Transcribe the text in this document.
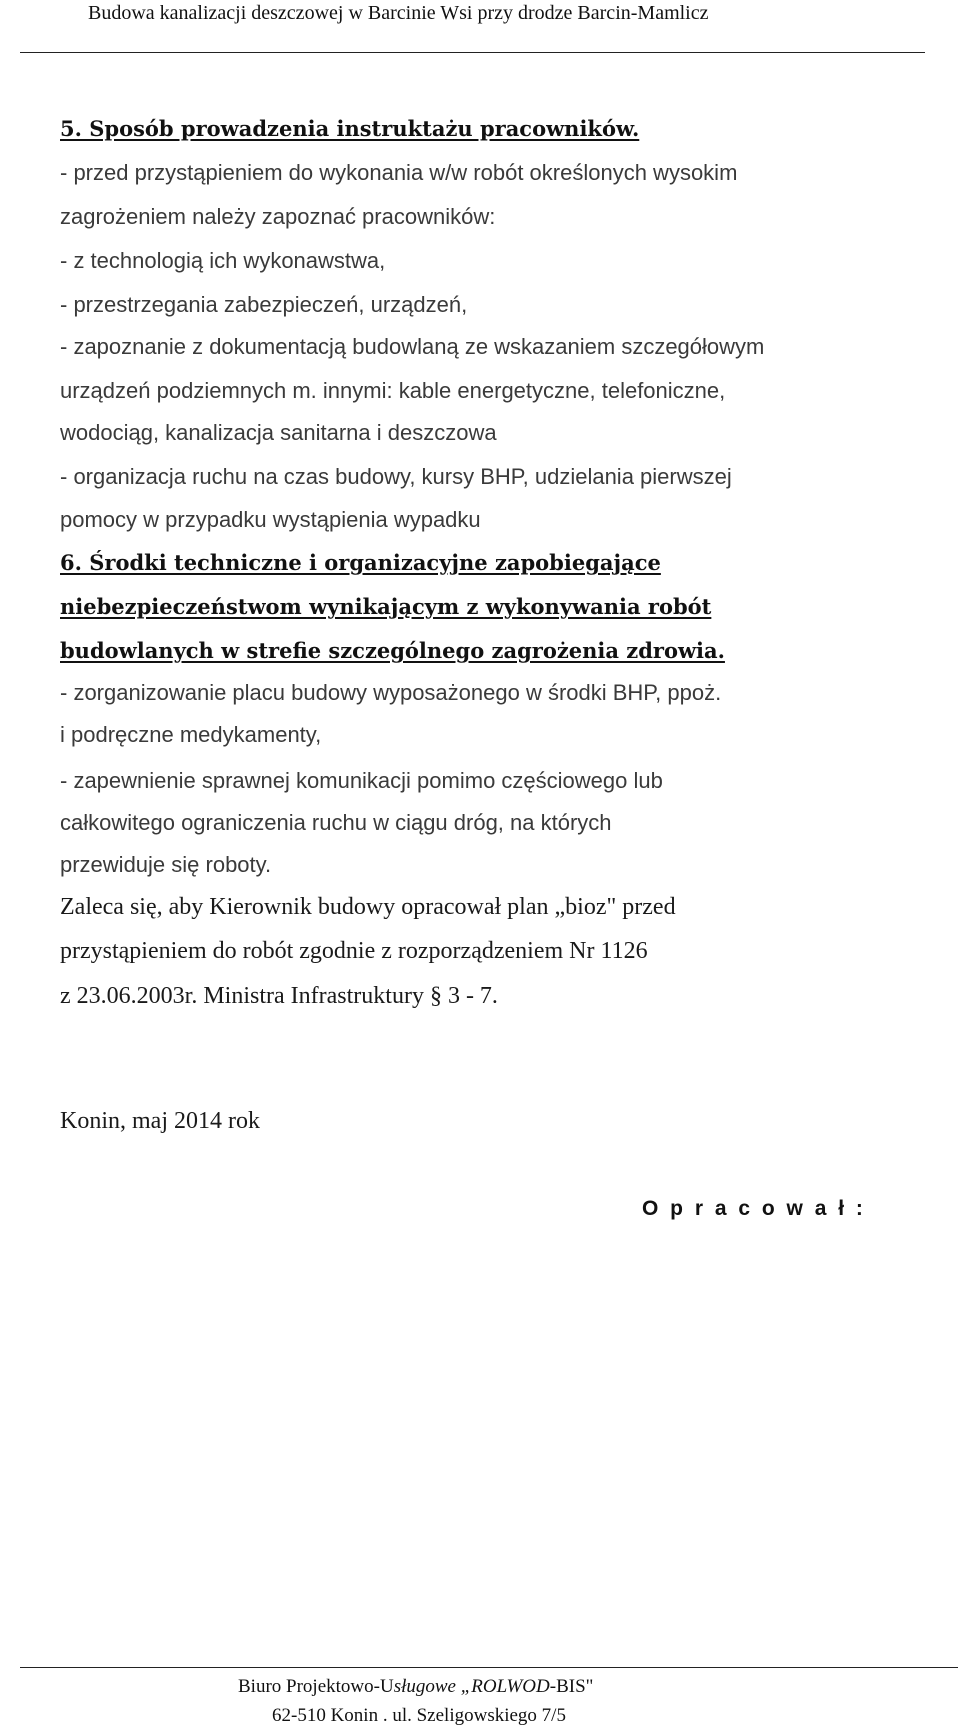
Budowa kanalizacji deszczowej w Barcinie Wsi przy drodze Barcin-Mamlicz
5. Sposób prowadzenia instruktażu pracowników.
- przed przystąpieniem do wykonania w/w robót określonych wysokim
zagrożeniem należy zapoznać pracowników:
- z technologią ich wykonawstwa,
- przestrzegania zabezpieczeń, urządzeń,
- zapoznanie z dokumentacją budowlaną ze wskazaniem szczegółowym
urządzeń podziemnych m. innymi: kable energetyczne, telefoniczne,
wodociąg, kanalizacja sanitarna i deszczowa
- organizacja ruchu na czas budowy, kursy BHP, udzielania pierwszej
pomocy w przypadku wystąpienia wypadku
6. Środki techniczne i organizacyjne zapobiegające
niebezpieczeństwom wynikającym z wykonywania robót
budowlanych w strefie szczególnego zagrożenia zdrowia.
- zorganizowanie placu budowy wyposażonego w środki BHP, ppoż.
i podręczne medykamenty,
- zapewnienie sprawnej komunikacji pomimo częściowego lub
całkowitego ograniczenia ruchu w ciągu dróg, na których
przewiduje się roboty.
Zaleca się, aby Kierownik budowy opracował plan „bioz" przed
przystąpieniem do robót zgodnie z rozporządzeniem Nr 1126
z 23.06.2003r. Ministra Infrastruktury § 3 - 7.
Konin, maj 2014 rok
O p r a c o w a ł :
Biuro Projektowo-Usługowe „ROLWOD-BIS"
62-510 Konin . ul. Szeligowskiego 7/5
